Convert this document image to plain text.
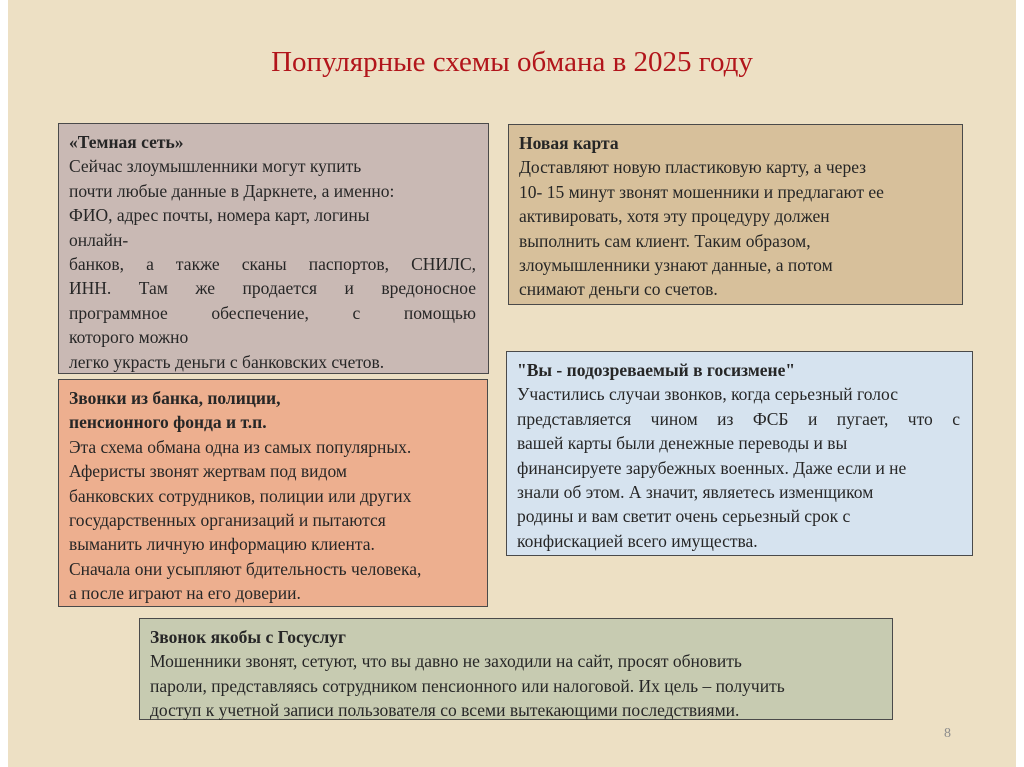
Популярные схемы обмана в 2025 году
«Темная сеть»
Сейчас злоумышленники могут купить
почти любые данные в Даркнете, а именно:
ФИО, адрес почты, номера карт, логины
онлайн-
банков, а также сканы паспортов, СНИЛС,
ИНН. Там же продается и вредоносное
программное обеспечение, с помощью
которого можно
легко украсть деньги с банковских счетов.
Новая карта
Доставляют новую пластиковую карту, а через
10- 15 минут звонят мошенники и предлагают ее
активировать, хотя эту процедуру должен
выполнить сам клиент. Таким образом,
злоумышленники узнают данные, а потом
снимают деньги со счетов.
Звонки из банка, полиции,
пенсионного фонда и т.п.
Эта схема обмана одна из самых популярных.
Аферисты звонят жертвам под видом
банковских сотрудников, полиции или других
государственных организаций и пытаются
выманить личную информацию клиента.
Сначала они усыпляют бдительность человека,
а после играют на его доверии.
"Вы - подозреваемый в госизмене"
Участились случаи звонков, когда серьезный голос
представляется чином из ФСБ и пугает, что с
вашей карты были денежные переводы и вы
финансируете зарубежных военных. Даже если и не
знали об этом. А значит, являетесь изменщиком
родины и вам светит очень серьезный срок с
конфискацией всего имущества.
Звонок якобы с Госуслуг
Мошенники звонят, сетуют, что вы давно не заходили на сайт, просят обновить
пароли, представляясь сотрудником пенсионного или налоговой. Их цель – получить
доступ к учетной записи пользователя со всеми вытекающими последствиями.
8
